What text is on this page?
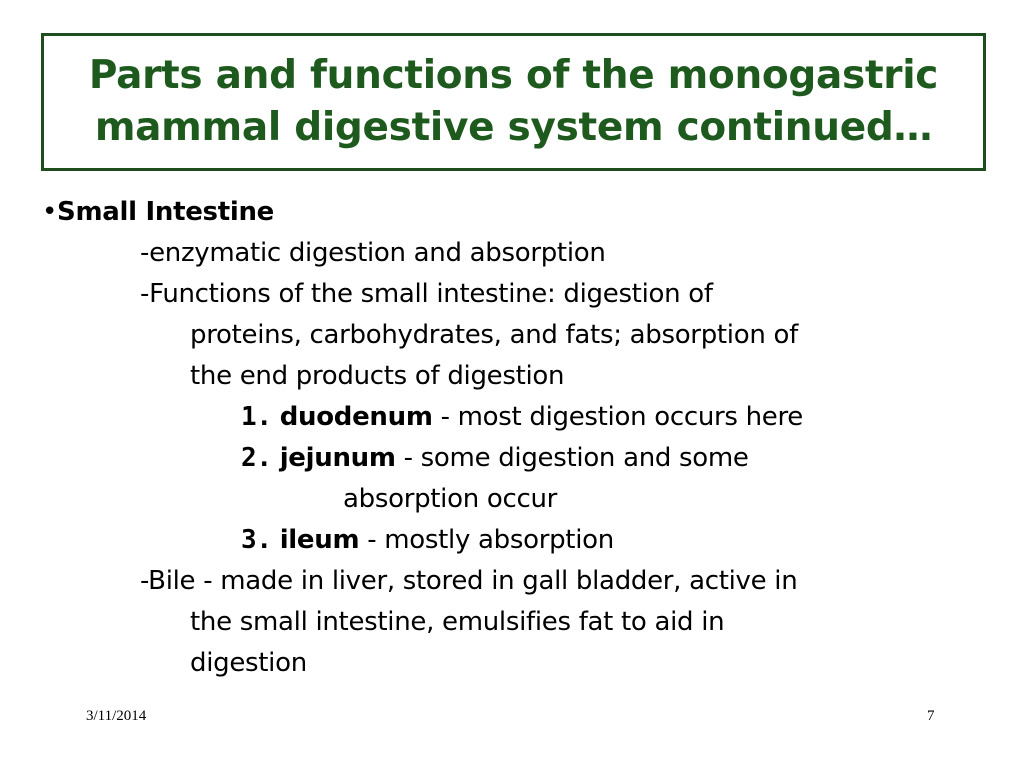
Parts and functions of the monogastric
mammal digestive system continued…
•Small Intestine
-enzymatic digestion and absorption
-Functions of the small intestine: digestion of
proteins, carbohydrates, and fats; absorption of
the end products of digestion
1. duodenum - most digestion occurs here
2. jejunum - some digestion and some
absorption occur
3. ileum - mostly absorption
-Bile - made in liver, stored in gall bladder, active in
the small intestine, emulsifies fat to aid in
digestion
3/11/2014	7
